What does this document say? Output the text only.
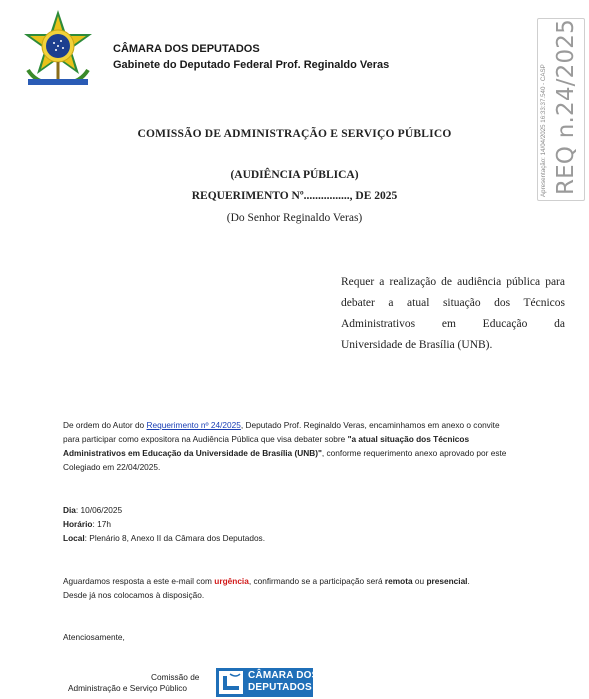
CÂMARA DOS DEPUTADOS
Gabinete do Deputado Federal Prof. Reginaldo Veras	Apresentação: 14/04/2025 16:33:37.540 - CASP REQ n.24/2025
COMISSÃO DE ADMINISTRAÇÃO E SERVIÇO PÚBLICO
(AUDIÊNCIA PÚBLICA)
REQUERIMENTO Nº................, DE 2025
(Do Senhor Reginaldo Veras)
Requer a realização de audiência pública para
debater a atual situação dos Técnicos
Administrativos em Educação da
Universidade de Brasília (UNB).
De ordem do Autor do Requerimento nº 24/2025, Deputado Prof. Reginaldo Veras, encaminhamos em anexo o convite
para participar como expositora na Audiência Pública que visa debater sobre "a atual situação dos Técnicos
Administrativos em Educação da Universidade de Brasília (UNB)", conforme requerimento anexo aprovado por este
Colegiado em 22/04/2025.
Dia: 10/06/2025
Horário: 17h
Local: Plenário 8, Anexo II da Câmara dos Deputados.
Aguardamos resposta a este e-mail com urgência, confirmando se a participação será remota ou presencial.
Desde já nos colocamos à disposição.
Atenciosamente,
Comissão de
Administração e Serviço Público
CÂMARA DOS
DEPUTADOS
